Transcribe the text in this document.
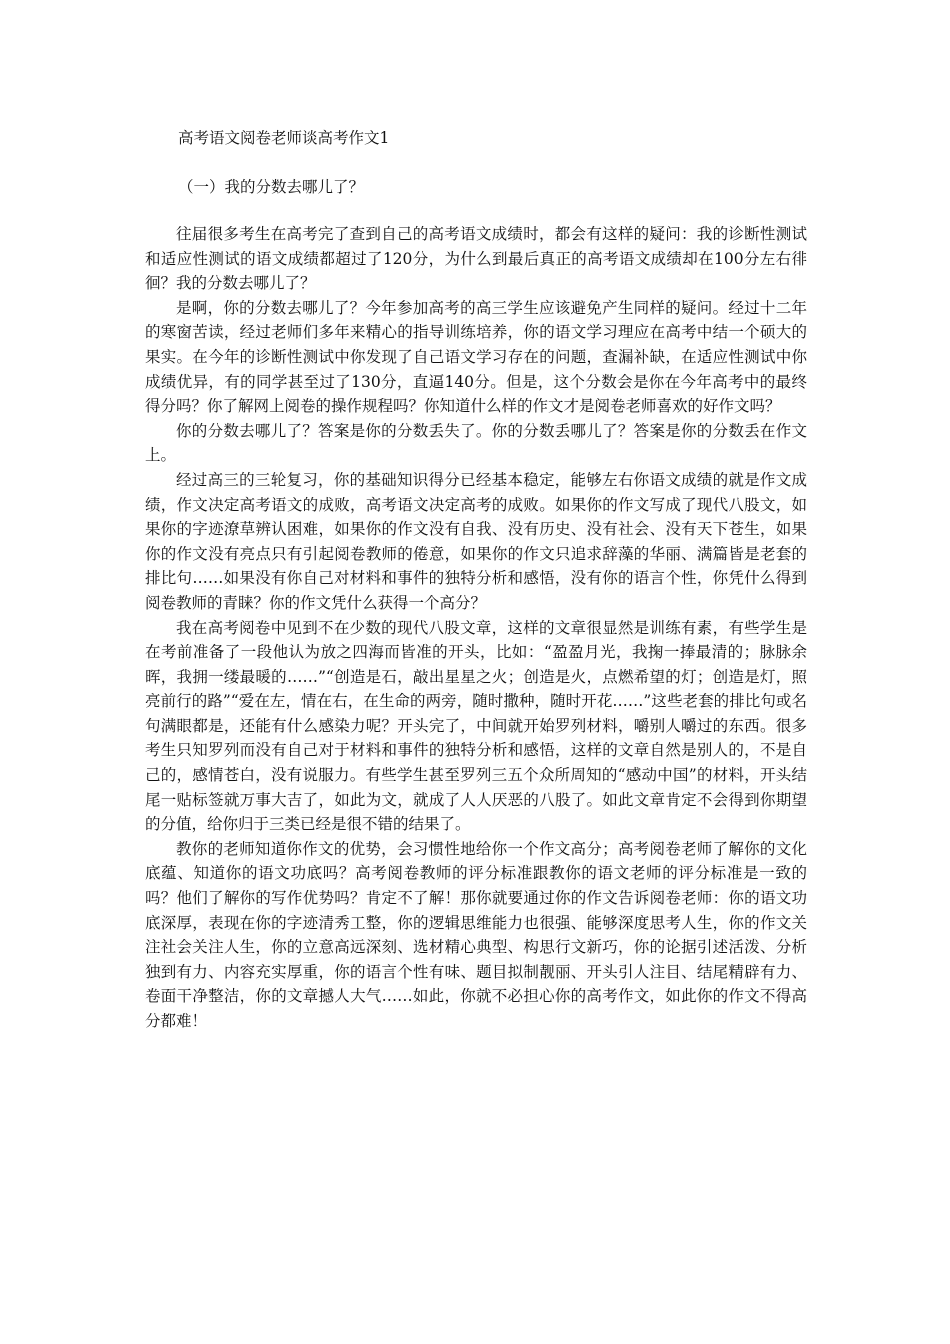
高考语文阅卷老师谈高考作文1
（一）我的分数去哪儿了？

往届很多考生在高考完了查到自己的高考语文成绩时，都会有这样的疑问：我的诊断性测试和适应性测试的语文成绩都超过了120分，为什么到最后真正的高考语文成绩却在100分左右徘徊？我的分数去哪儿了？

是啊，你的分数去哪儿了？今年参加高考的高三学生应该避免产生同样的疑问。经过十二年的寒窗苦读，经过老师们多年来精心的指导训练培养，你的语文学习理应在高考中结一个硕大的果实。在今年的诊断性测试中你发现了自己语文学习存在的问题，查漏补缺，在适应性测试中你成绩优异，有的同学甚至过了130分，直逼140分。但是，这个分数会是你在今年高考中的最终得分吗？你了解网上阅卷的操作规程吗？你知道什么样的作文才是阅卷老师喜欢的好作文吗？

你的分数去哪儿了？答案是你的分数丢失了。你的分数丢哪儿了？答案是你的分数丢在作文上。

经过高三的三轮复习，你的基础知识得分已经基本稳定，能够左右你语文成绩的就是作文成绩，作文决定高考语文的成败，高考语文决定高考的成败。如果你的作文写成了现代八股文，如果你的字迹潦草辨认困难，如果你的作文没有自我、没有历史、没有社会、没有天下苍生，如果你的作文没有亮点只有引起阅卷教师的倦意，如果你的作文只追求辞藻的华丽、满篇皆是老套的排比句……如果没有你自己对材料和事件的独特分析和感悟，没有你的语言个性，你凭什么得到阅卷教师的青睐？你的作文凭什么获得一个高分？

我在高考阅卷中见到不在少数的现代八股文章，这样的文章很显然是训练有素，有些学生是在考前准备了一段他认为放之四海而皆准的开头，比如：“盈盈月光，我掬一捧最清的；脉脉余晖，我拥一缕最暖的……”“创造是石，敲出星星之火；创造是火，点燃希望的灯；创造是灯，照亮前行的路”“爱在左，情在右，在生命的两旁，随时撒种，随时开花……”这些老套的排比句或名句满眼都是，还能有什么感染力呢？开头完了，中间就开始罗列材料，嚼别人嚼过的东西。很多考生只知罗列而没有自己对于材料和事件的独特分析和感悟，这样的文章自然是别人的，不是自己的，感情苍白，没有说服力。有些学生甚至罗列三五个众所周知的“感动中国”的材料，开头结尾一贴标签就万事大吉了，如此为文，就成了人人厌恶的八股了。如此文章肯定不会得到你期望的分值，给你归于三类已经是很不错的结果了。

教你的老师知道你作文的优势，会习惯性地给你一个作文高分；高考阅卷老师了解你的文化底蕴、知道你的语文功底吗？高考阅卷教师的评分标准跟教你的语文老师的评分标准是一致的吗？他们了解你的写作优势吗？肯定不了解！那你就要通过你的作文告诉阅卷老师：你的语文功底深厚，表现在你的字迹清秀工整，你的逻辑思维能力也很强、能够深度思考人生，你的作文关注社会关注人生，你的立意高远深刻、选材精心典型、构思行文新巧，你的论据引述活泼、分析独到有力、内容充实厚重，你的语言个性有味、题目拟制靓丽、开头引人注目、结尾精辟有力、卷面干净整洁，你的文章撼人大气……如此，你就不必担心你的高考作文，如此你的作文不得高分都难！
